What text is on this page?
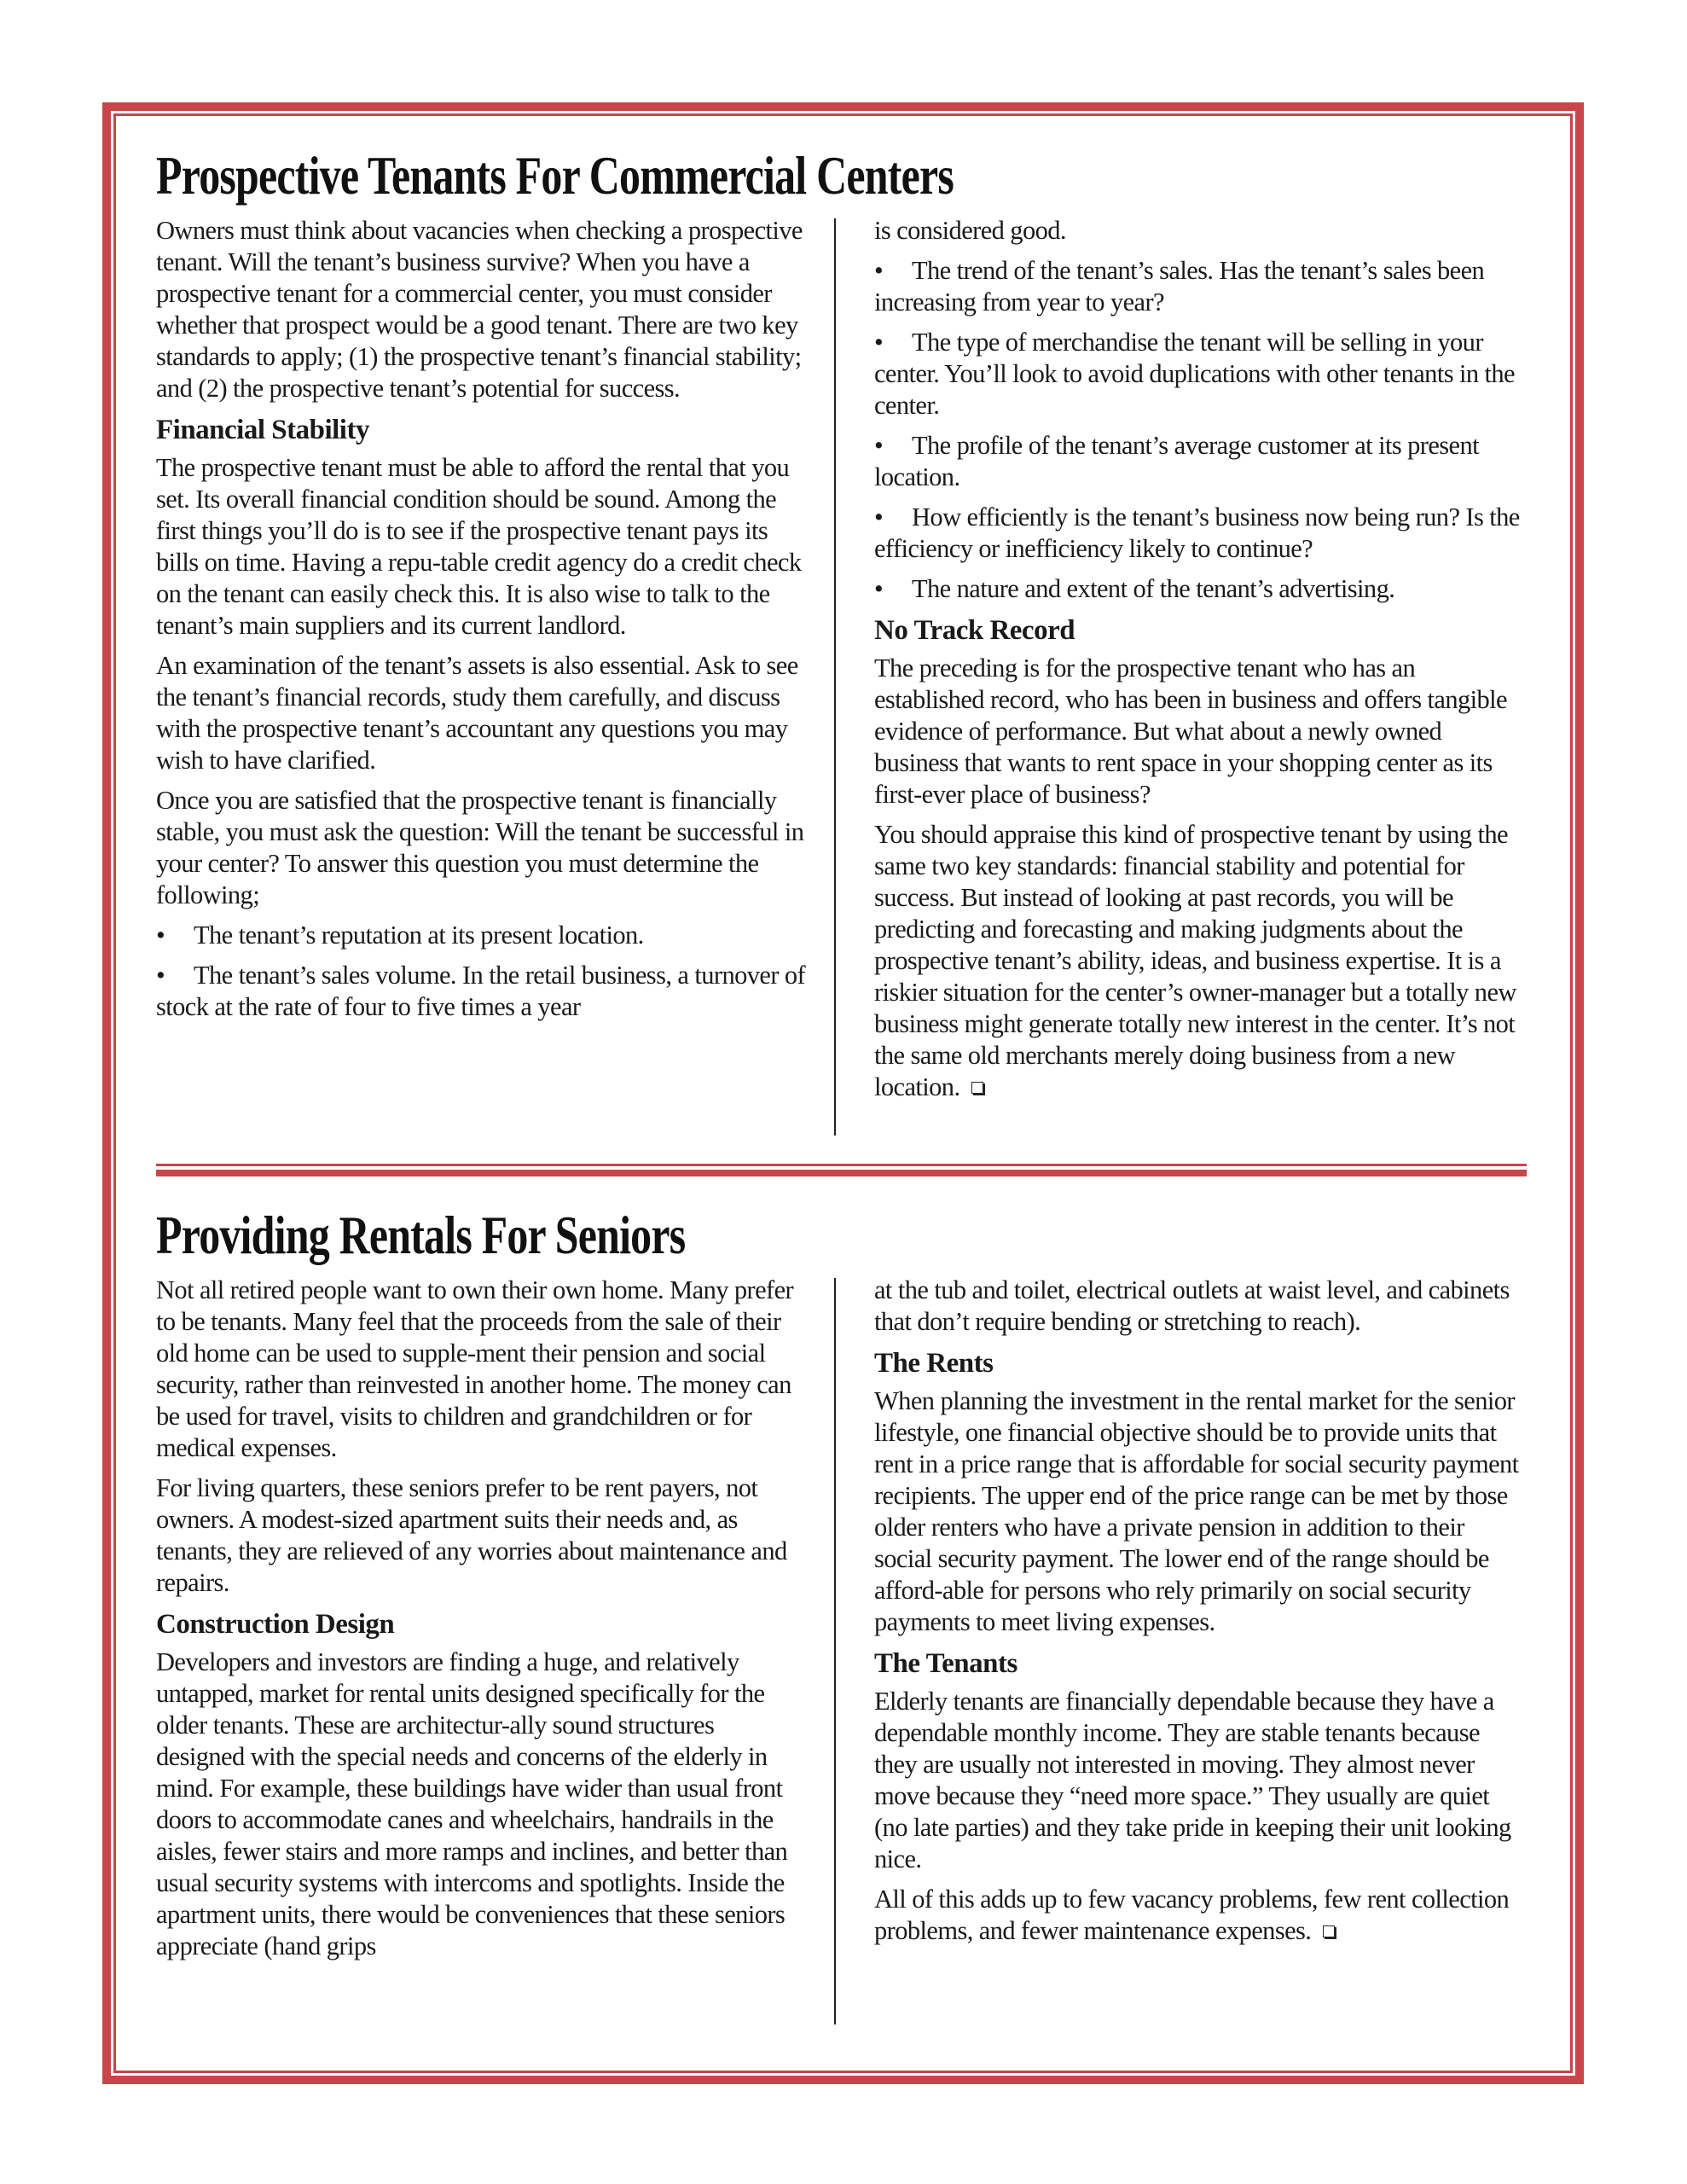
Prospective Tenants For Commercial Centers

Owners must think about vacancies when checking a prospective tenant. Will the tenant’s business survive? When you have a prospective tenant for a commercial center, you must consider whether that prospect would be a good tenant. There are two key standards to apply; (1) the prospective tenant’s financial stability; and (2) the prospective tenant’s potential for success.

Financial Stability

The prospective tenant must be able to afford the rental that you set. Its overall financial condition should be sound. Among the first things you’ll do is to see if the prospective tenant pays its bills on time. Having a repu-table credit agency do a credit check on the tenant can easily check this. It is also wise to talk to the tenant’s main suppliers and its current landlord.

An examination of the tenant’s assets is also essential. Ask to see the tenant’s financial records, study them carefully, and discuss with the prospective tenant’s accountant any questions you may wish to have clarified.

Once you are satisfied that the prospective tenant is financially stable, you must ask the question: Will the tenant be successful in your center? To answer this question you must determine the following;

• The tenant’s reputation at its present location.
• The tenant’s sales volume. In the retail business, a turnover of stock at the rate of four to five times a year

is considered good.

• The trend of the tenant’s sales. Has the tenant’s sales been increasing from year to year?
• The type of merchandise the tenant will be selling in your center. You’ll look to avoid duplications with other tenants in the center.
• The profile of the tenant’s average customer at its present location.
• How efficiently is the tenant’s business now being run? Is the efficiency or inefficiency likely to continue?
• The nature and extent of the tenant’s advertising.
No Track Record

The preceding is for the prospective tenant who has an established record, who has been in business and offers tangible evidence of performance. But what about a newly owned business that wants to rent space in your shopping center as its first-ever place of business?

You should appraise this kind of prospective tenant by using the same two key standards: financial stability and potential for success. But instead of looking at past records, you will be predicting and forecasting and making judgments about the prospective tenant’s ability, ideas, and business expertise. It is a riskier situation for the center’s owner-manager but a totally new business might generate totally new interest in the center. It’s not the same old merchants merely doing business from a new location.

Providing Rentals For Seniors

Not all retired people want to own their own home. Many prefer to be tenants. Many feel that the proceeds from the sale of their old home can be used to supple-ment their pension and social security, rather than reinvested in another home. The money can be used for travel, visits to children and grandchildren or for medical expenses.

For living quarters, these seniors prefer to be rent payers, not owners. A modest-sized apartment suits their needs and, as tenants, they are relieved of any worries about maintenance and repairs.

Construction Design

Developers and investors are finding a huge, and relatively untapped, market for rental units designed specifically for the older tenants. These are architectur-ally sound structures designed with the special needs and concerns of the elderly in mind. For example, these buildings have wider than usual front doors to accommodate canes and wheelchairs, handrails in the aisles, fewer stairs and more ramps and inclines, and better than usual security systems with intercoms and spotlights. Inside the apartment units, there would be conveniences that these seniors appreciate (hand grips

at the tub and toilet, electrical outlets at waist level, and cabinets that don’t require bending or stretching to reach).

The Rents

When planning the investment in the rental market for the senior lifestyle, one financial objective should be to provide units that rent in a price range that is affordable for social security payment recipients. The upper end of the price range can be met by those older renters who have a private pension in addition to their social security payment. The lower end of the range should be afford-able for persons who rely primarily on social security payments to meet living expenses.

The Tenants

Elderly tenants are financially dependable because they have a dependable monthly income. They are stable tenants because they are usually not interested in moving. They almost never move because they “need more space.” They usually are quiet (no late parties) and they take pride in keeping their unit looking nice.

All of this adds up to few vacancy problems, few rent collection problems, and fewer maintenance expenses.
